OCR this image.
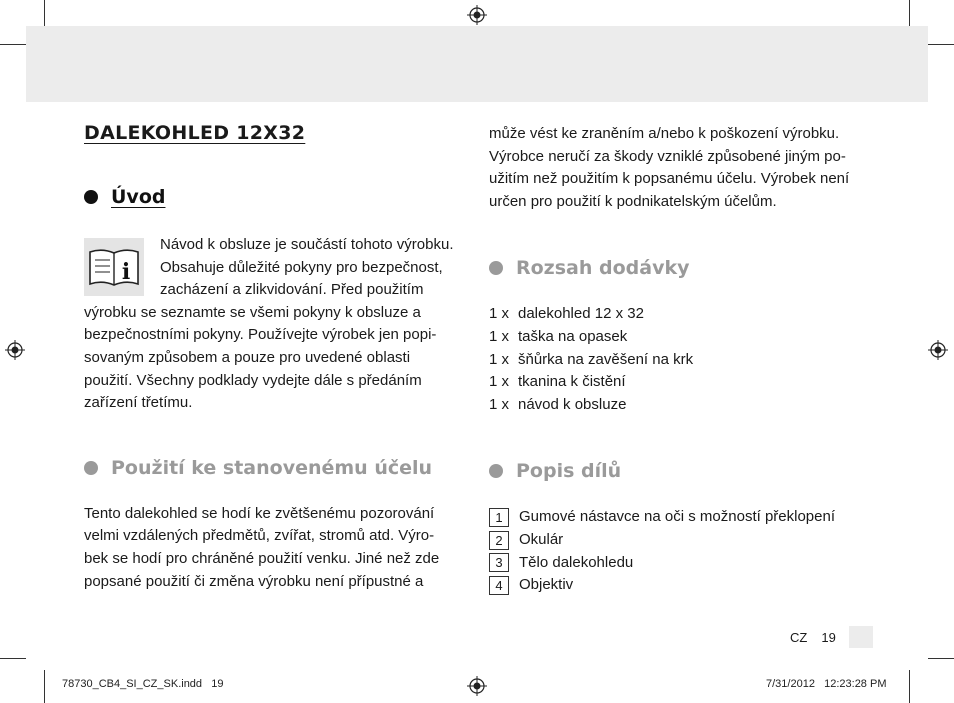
DALEKOHLED 12X32
Úvod
i

Návod k obsluze je součástí tohoto výrobku.
Obsahuje důležité pokyny pro bezpečnost,
zacházení a zlikvidování. Před použitím

výrobku se seznamte se všemi pokyny k obsluze a
bezpečnostními pokyny. Používejte výrobek jen popi-
sovaným způsobem a pouze pro uvedené oblasti
použití. Všechny podklady vydejte dále s předáním
zařízení třetímu.

Použití ke stanovenému účelu

Tento dalekohled se hodí ke zvětšenému pozorování
velmi vzdálených předmětů, zvířat, stromů atd. Výro-
bek se hodí pro chráněné použití venku. Jiné než zde
popsané použití či změna výrobku není přípustné a

může vést ke zraněním a/nebo k poškození výrobku.
Výrobce neručí za škody vzniklé způsobené jiným po-
užitím než použitím k popsanému účelu. Výrobek není
určen pro použití k podnikatelským účelům.

Rozsah dodávky
1 x dalekohled 12 x 32
1 x taška na opasek
1 x šňůrka na zavěšení na krk
1 x tkanina k čistění
1 x návod k obsluze
Popis dílů
1	Gumové nástavce na oči s možností překlopení
2	Okulár
3	Tělo dalekohledu
4	Objektiv
CZ 19
78730_CB4_SI_CZ_SK.indd   19	7/31/2012   12:23:28 PM
